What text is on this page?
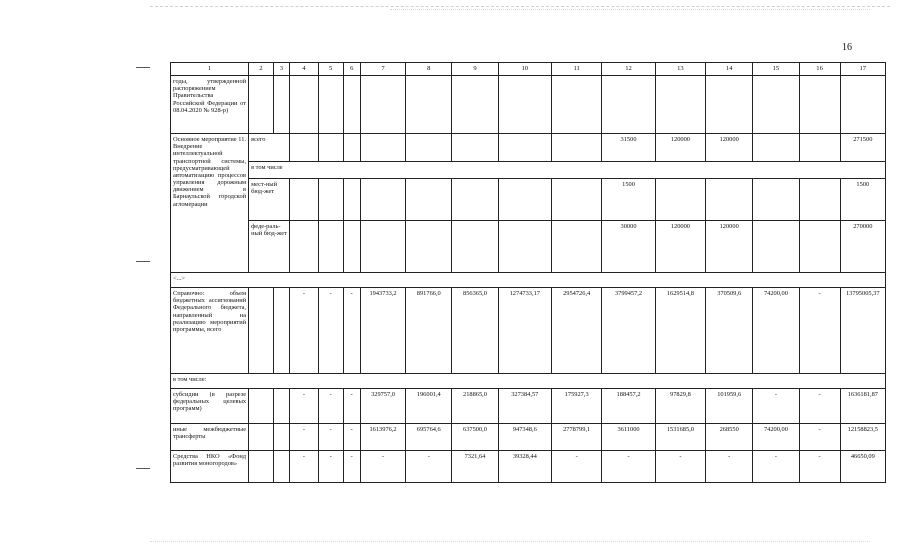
16
1	2	3	4	5	6	7	8	9	10	11	12	13	14	15	16	17
годы, утвержденной распоряжением Правительства Российской Федерации от 08.04.2020 № 928-р)																
Основное мероприятие 11. Внедрение интеллектуальной транспортной системы, предусматривающей автоматизацию процессов управления дорожным движением в Барнаульской городской агломерации	всего										31500	120000	120000			271500
	в том числе															
	мест-ный бюд-жет										1500					1500
	феде-раль-ный бюд-жет										30000	120000	120000			270000
<...>																
Справочно: объем бюджетных ассигнований Федерального бюджета, направленный на реализацию мероприятий программы, всего			-	-	-	1943733,2	891766,0	856365,0	1274733,17	2954726,4	3799457,2	1629514,8	370509,6	74200,00	-	13795005,37
в том числе:																
субсидии (в разрезе федеральных целевых программ)			-	-	-	329757,0	196001,4	218865,0	327384,57	175927,3	188457,2	97829,8	101959,6	-	-	1636181,87
иные межбюджетные трансферты			-	-	-	1613976,2	695764,6	637500,0	947348,6	2778799,1	3611000	1531685,0	268550	74200,00	-	12158823,5
Средства НКО «Фонд развития моногородов»			-	-	-	-	-	7321,64	39328,44	-	-	-	-	-	-	46650,09
